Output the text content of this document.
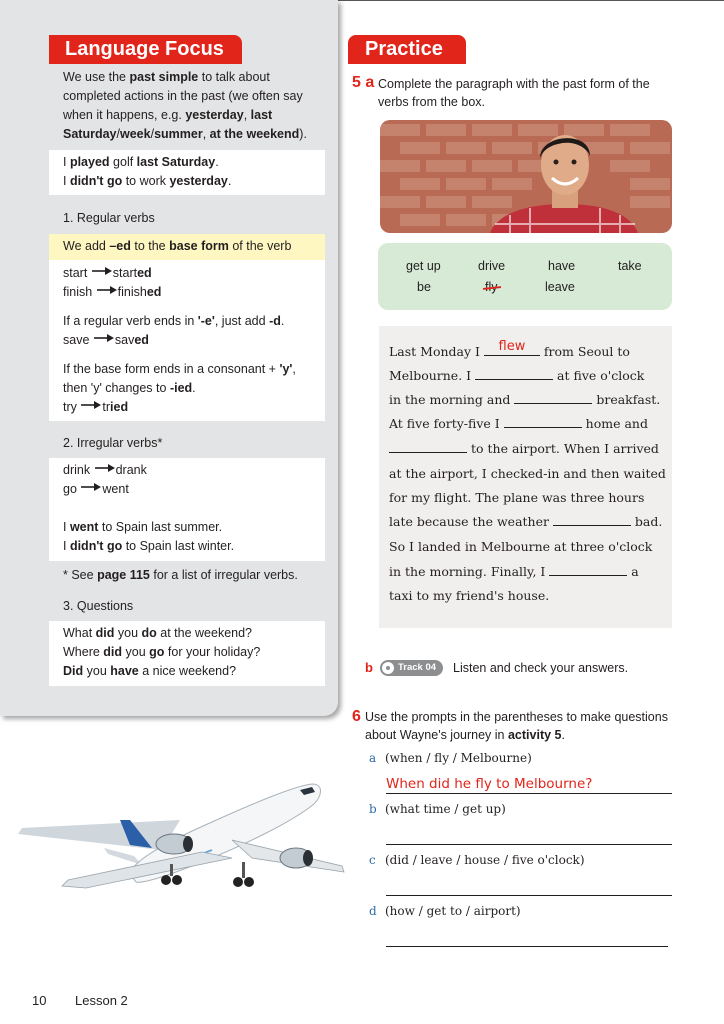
Language Focus
We use the past simple to talk about
completed actions in the past (we often say
when it happens, e.g. yesterday, last
Saturday/week/summer, at the weekend).
I played golf last Saturday.
I didn't go to work yesterday.
1. Regular verbs
We add –ed to the base form of the verb
start started
finish finished
If a regular verb ends in '-e', just add -d.
save saved
If the base form ends in a consonant + 'y',
then 'y' changes to -ied.
try tried
2. Irregular verbs*
drink drank
go went
I went to Spain last summer.
I didn't go to Spain last winter.
* See page 115 for a list of irregular verbs.
3. Questions
What did you do at the weekend?
Where did you go for your holiday?
Did you have a nice weekend?
Practice
5 a Complete the paragraph with the past form of the
verbs from the box.
get up	drive	have	take
be	leave
Last Monday I	flew	from Seoul to
Melbourne. I	at five o'clock
in the morning and	breakfast.
At five forty-five I	home and
to the airport. When I arrived
at the airport, I checked-in and then waited
for my flight. The plane was three hours
late because the weather	bad.
So I landed in Melbourne at three o'clock
in the morning. Finally, I	a
taxi to my friend's house.
b	Track 04	Listen and check your answers.
6 Use the prompts in the parentheses to make questions
about Wayne's journey in activity 5.
a (when / fly / Melbourne)
When did he fly to Melbourne?
b (what time / get up)
c (did / leave / house / five o'clock)
d (how / get to / airport)
10 Lesson 2
